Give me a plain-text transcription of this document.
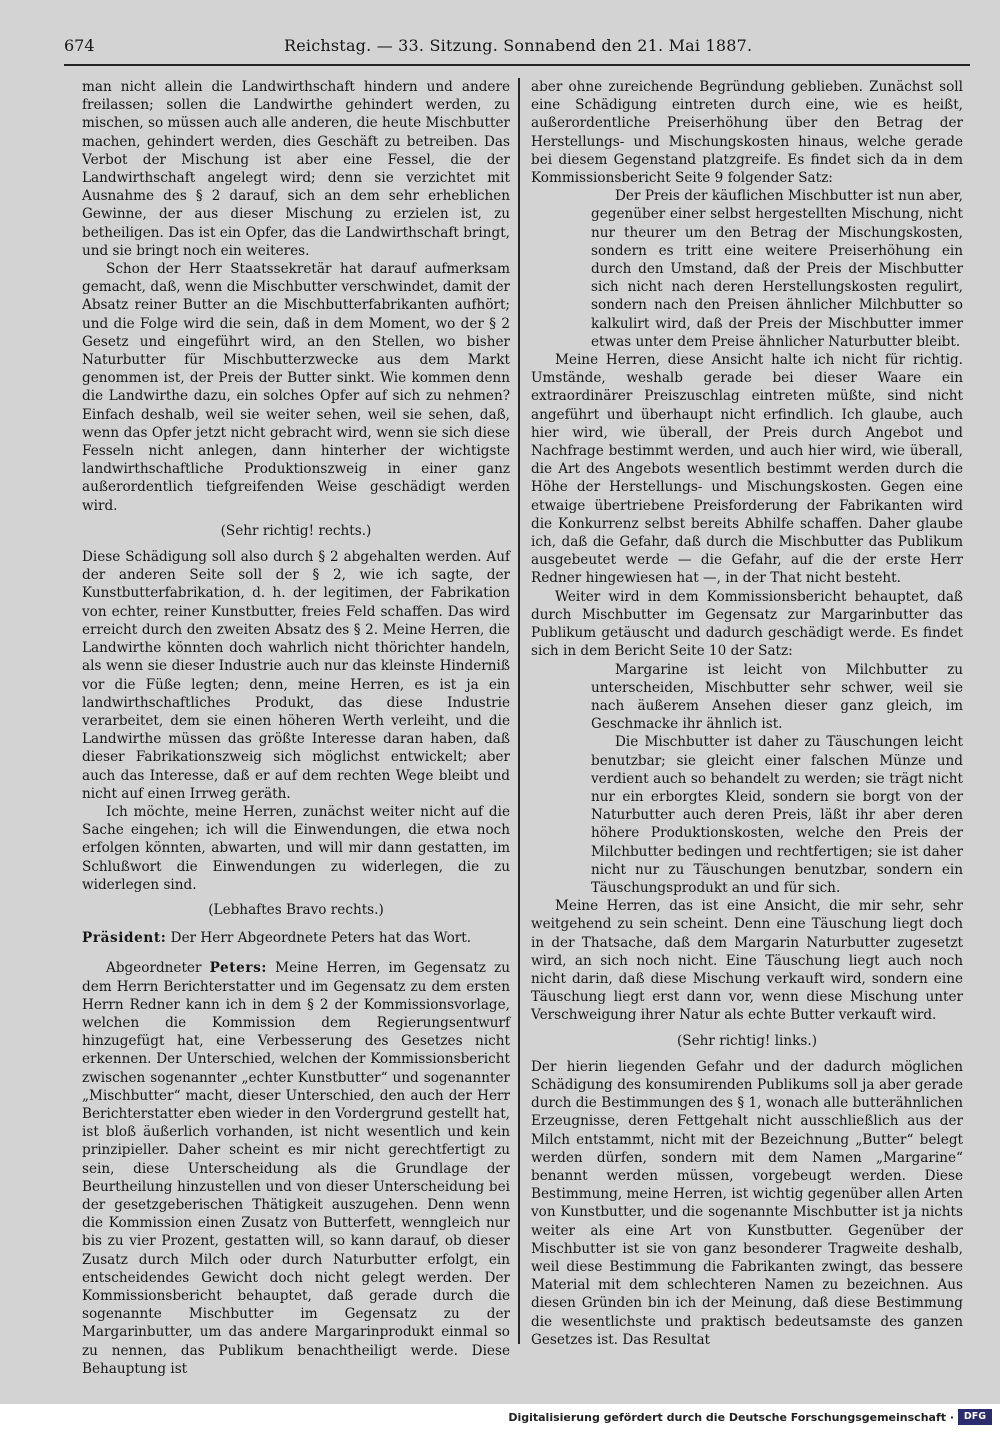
674	Reichstag. — 33. Sitzung. Sonnabend den 21. Mai 1887.

man nicht allein die Landwirthschaft hindern und andere freilassen; sollen die Landwirthe gehindert werden, zu mischen, so müssen auch alle anderen, die heute Mischbutter machen, gehindert werden, dies Geschäft zu betreiben. Das Verbot der Mischung ist aber eine Fessel, die der Landwirthschaft angelegt wird; denn sie verzichtet mit Ausnahme des § 2 darauf, sich an dem sehr erheblichen Gewinne, der aus dieser Mischung zu erzielen ist, zu betheiligen. Das ist ein Opfer, das die Landwirthschaft bringt, und sie bringt noch ein weiteres.

Schon der Herr Staatssekretär hat darauf aufmerksam gemacht, daß, wenn die Mischbutter verschwindet, damit der Absatz reiner Butter an die Mischbutterfabrikanten aufhört; und die Folge wird die sein, daß in dem Moment, wo der § 2 Gesetz und eingeführt wird, an den Stellen, wo bisher Naturbutter für Mischbutterzwecke aus dem Markt genommen ist, der Preis der Butter sinkt. Wie kommen denn die Landwirthe dazu, ein solches Opfer auf sich zu nehmen? Einfach deshalb, weil sie weiter sehen, weil sie sehen, daß, wenn das Opfer jetzt nicht gebracht wird, wenn sie sich diese Fesseln nicht anlegen, dann hinterher der wichtigste landwirthschaftliche Produktionszweig in einer ganz außerordentlich tiefgreifenden Weise geschädigt werden wird.

(Sehr richtig! rechts.)

Diese Schädigung soll also durch § 2 abgehalten werden. Auf der anderen Seite soll der § 2, wie ich sagte, der Kunstbutterfabrikation, d. h. der legitimen, der Fabrikation von echter, reiner Kunstbutter, freies Feld schaffen. Das wird erreicht durch den zweiten Absatz des § 2. Meine Herren, die Landwirthe könnten doch wahrlich nicht thörichter handeln, als wenn sie dieser Industrie auch nur das kleinste Hinderniß vor die Füße legten; denn, meine Herren, es ist ja ein landwirthschaftliches Produkt, das diese Industrie verarbeitet, dem sie einen höheren Werth verleiht, und die Landwirthe müssen das größte Interesse daran haben, daß dieser Fabrikationszweig sich möglichst entwickelt; aber auch das Interesse, daß er auf dem rechten Wege bleibt und nicht auf einen Irrweg geräth.

Ich möchte, meine Herren, zunächst weiter nicht auf die Sache eingehen; ich will die Einwendungen, die etwa noch erfolgen könnten, abwarten, und will mir dann gestatten, im Schlußwort die Einwendungen zu widerlegen, die zu widerlegen sind.

(Lebhaftes Bravo rechts.)

Präsident: Der Herr Abgeordnete Peters hat das Wort.

Abgeordneter Peters: Meine Herren, im Gegensatz zu dem Herrn Berichterstatter und im Gegensatz zu dem ersten Herrn Redner kann ich in dem § 2 der Kommissionsvorlage, welchen die Kommission dem Regierungsentwurf hinzugefügt hat, eine Verbesserung des Gesetzes nicht erkennen. Der Unterschied, welchen der Kommissionsbericht zwischen sogenannter „echter Kunstbutter“ und sogenannter „Mischbutter“ macht, dieser Unterschied, den auch der Herr Berichterstatter eben wieder in den Vordergrund gestellt hat, ist bloß äußerlich vorhanden, ist nicht wesentlich und kein prinzipieller. Daher scheint es mir nicht gerechtfertigt zu sein, diese Unterscheidung als die Grundlage der Beurtheilung hinzustellen und von dieser Unterscheidung bei der gesetzgeberischen Thätigkeit auszugehen. Denn wenn die Kommission einen Zusatz von Butterfett, wenngleich nur bis zu vier Prozent, gestatten will, so kann darauf, ob dieser Zusatz durch Milch oder durch Naturbutter erfolgt, ein entscheidendes Gewicht doch nicht gelegt werden. Der Kommissionsbericht behauptet, daß gerade durch die sogenannte Mischbutter im Gegensatz zu der Margarinbutter, um das andere Margarinprodukt einmal so zu nennen, das Publikum benachtheiligt werde. Diese Behauptung ist

aber ohne zureichende Begründung geblieben. Zunächst soll eine Schädigung eintreten durch eine, wie es heißt, außerordentliche Preiserhöhung über den Betrag der Herstellungs- und Mischungskosten hinaus, welche gerade bei diesem Gegenstand platzgreife. Es findet sich da in dem Kommissionsbericht Seite 9 folgender Satz:

Der Preis der käuflichen Mischbutter ist nun aber, gegenüber einer selbst hergestellten Mischung, nicht nur theurer um den Betrag der Mischungskosten, sondern es tritt eine weitere Preiserhöhung ein durch den Umstand, daß der Preis der Mischbutter sich nicht nach deren Herstellungskosten regulirt, sondern nach den Preisen ähnlicher Milchbutter so kalkulirt wird, daß der Preis der Mischbutter immer etwas unter dem Preise ähnlicher Naturbutter bleibt.

Meine Herren, diese Ansicht halte ich nicht für richtig. Umstände, weshalb gerade bei dieser Waare ein extraordinärer Preiszuschlag eintreten müßte, sind nicht angeführt und überhaupt nicht erfindlich. Ich glaube, auch hier wird, wie überall, der Preis durch Angebot und Nachfrage bestimmt werden, und auch hier wird, wie überall, die Art des Angebots wesentlich bestimmt werden durch die Höhe der Herstellungs- und Mischungskosten. Gegen eine etwaige übertriebene Preisforderung der Fabrikanten wird die Konkurrenz selbst bereits Abhilfe schaffen. Daher glaube ich, daß die Gefahr, daß durch die Mischbutter das Publikum ausgebeutet werde — die Gefahr, auf die der erste Herr Redner hingewiesen hat —, in der That nicht besteht.

Weiter wird in dem Kommissionsbericht behauptet, daß durch Mischbutter im Gegensatz zur Margarinbutter das Publikum getäuscht und dadurch geschädigt werde. Es findet sich in dem Bericht Seite 10 der Satz:

Margarine ist leicht von Milchbutter zu unterscheiden, Mischbutter sehr schwer, weil sie nach äußerem Ansehen dieser ganz gleich, im Geschmacke ihr ähnlich ist.

Die Mischbutter ist daher zu Täuschungen leicht benutzbar; sie gleicht einer falschen Münze und verdient auch so behandelt zu werden; sie trägt nicht nur ein erborgtes Kleid, sondern sie borgt von der Naturbutter auch deren Preis, läßt ihr aber deren höhere Produktionskosten, welche den Preis der Milchbutter bedingen und rechtfertigen; sie ist daher nicht nur zu Täuschungen benutzbar, sondern ein Täuschungsprodukt an und für sich.

Meine Herren, das ist eine Ansicht, die mir sehr, sehr weitgehend zu sein scheint. Denn eine Täuschung liegt doch in der Thatsache, daß dem Margarin Naturbutter zugesetzt wird, an sich noch nicht. Eine Täuschung liegt auch noch nicht darin, daß diese Mischung verkauft wird, sondern eine Täuschung liegt erst dann vor, wenn diese Mischung unter Verschweigung ihrer Natur als echte Butter verkauft wird.

(Sehr richtig! links.)

Der hierin liegenden Gefahr und der dadurch möglichen Schädigung des konsumirenden Publikums soll ja aber gerade durch die Bestimmungen des § 1, wonach alle butterähnlichen Erzeugnisse, deren Fettgehalt nicht ausschließlich aus der Milch entstammt, nicht mit der Bezeichnung „Butter“ belegt werden dürfen, sondern mit dem Namen „Margarine“ benannt werden müssen, vorgebeugt werden. Diese Bestimmung, meine Herren, ist wichtig gegenüber allen Arten von Kunstbutter, und die sogenannte Mischbutter ist ja nichts weiter als eine Art von Kunstbutter. Gegenüber der Mischbutter ist sie von ganz besonderer Tragweite deshalb, weil diese Bestimmung die Fabrikanten zwingt, das bessere Material mit dem schlechteren Namen zu bezeichnen. Aus diesen Gründen bin ich der Meinung, daß diese Bestimmung die wesentlichste und praktisch bedeutsamste des ganzen Gesetzes ist. Das Resultat

Digitalisierung gefördert durch die Deutsche Forschungsgemeinschaft ·	DFG
